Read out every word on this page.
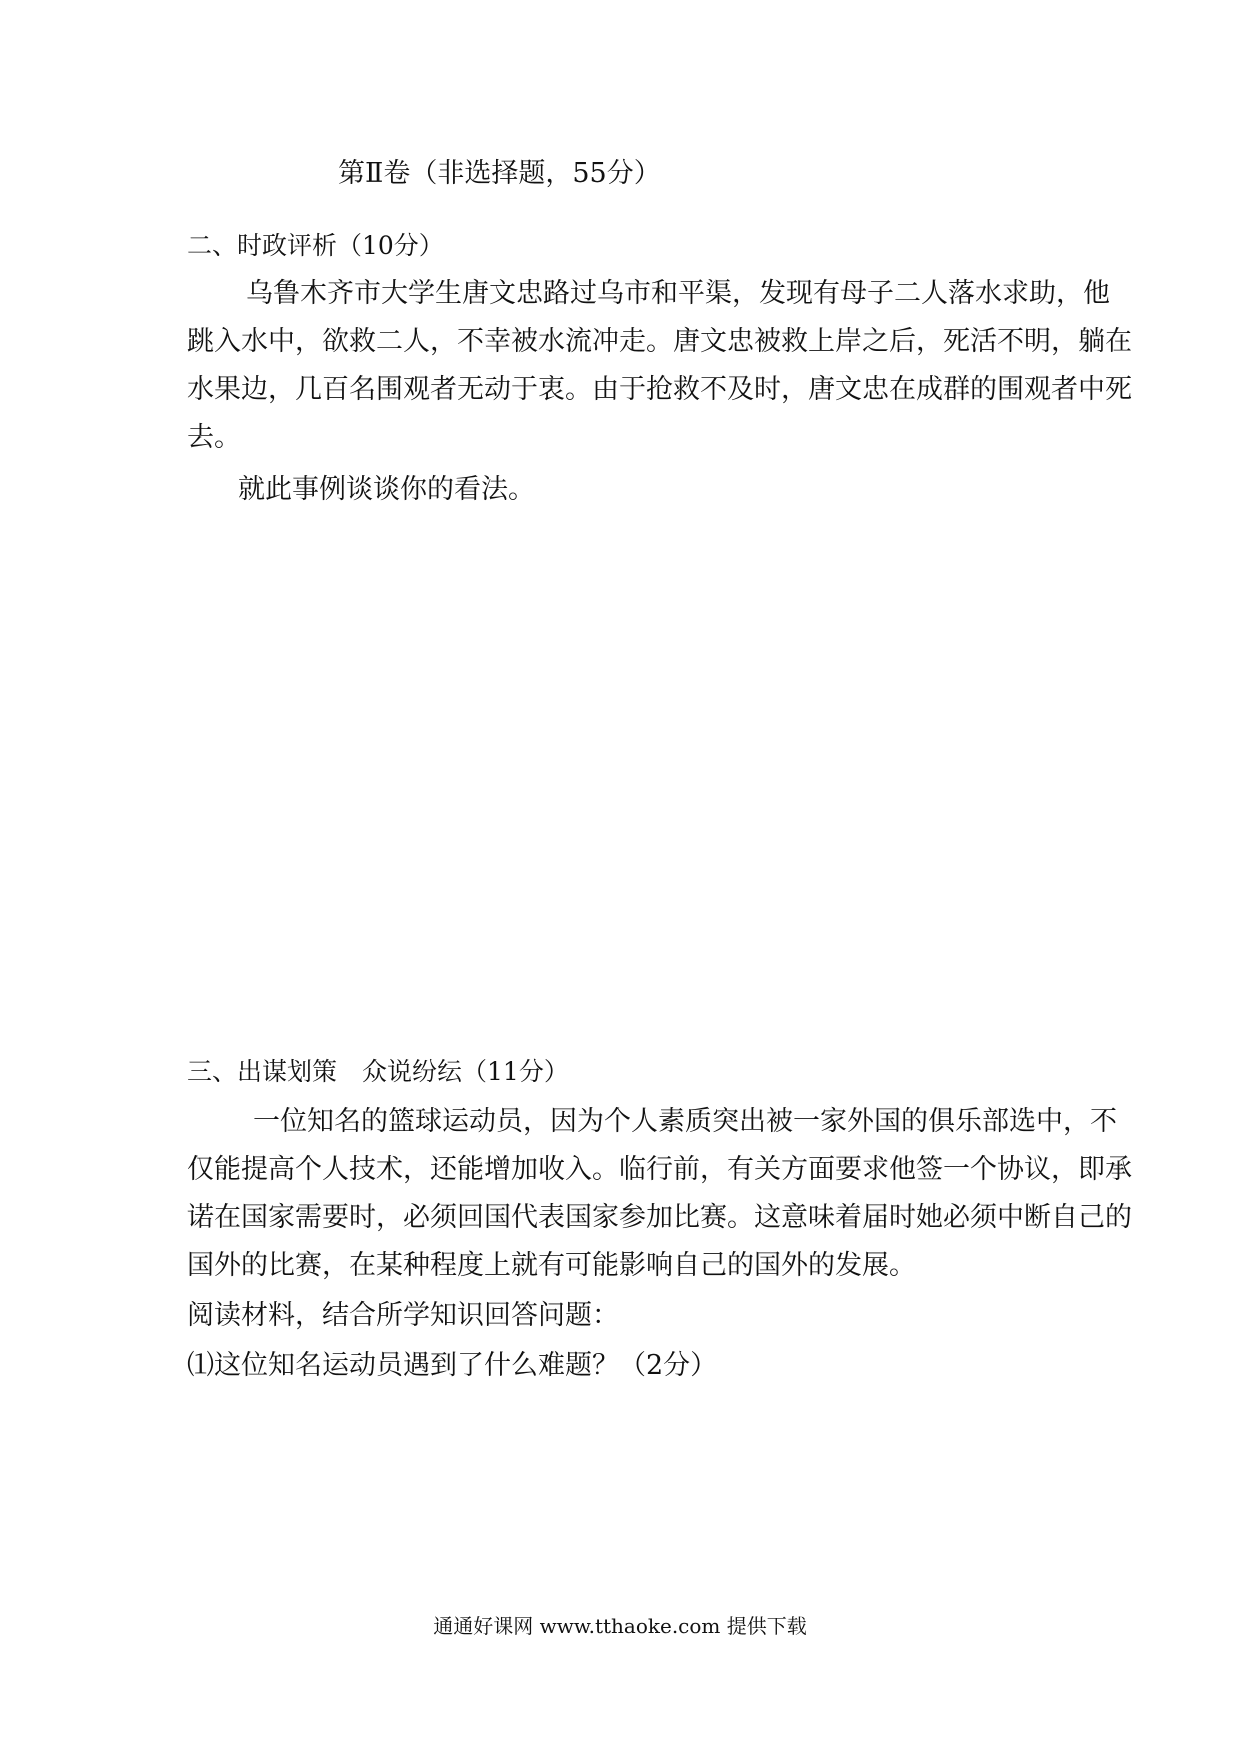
第Ⅱ卷（非选择题，55分）
二、时政评析（10分）
乌鲁木齐市大学生唐文忠路过乌市和平渠，发现有母子二人落水求助，他
跳入水中，欲救二人，不幸被水流冲走。唐文忠被救上岸之后，死活不明，躺在
水果边，几百名围观者无动于衷。由于抢救不及时，唐文忠在成群的围观者中死
去。
就此事例谈谈你的看法。
三、出谋划策　众说纷纭（11分）
一位知名的篮球运动员，因为个人素质突出被一家外国的俱乐部选中，不
仅能提高个人技术，还能增加收入。临行前，有关方面要求他签一个协议，即承
诺在国家需要时，必须回国代表国家参加比赛。这意味着届时她必须中断自己的
国外的比赛，在某种程度上就有可能影响自己的国外的发展。
阅读材料，结合所学知识回答问题：
⑴这位知名运动员遇到了什么难题？（2分）
通通好课网 www.tthaoke.com 提供下载
